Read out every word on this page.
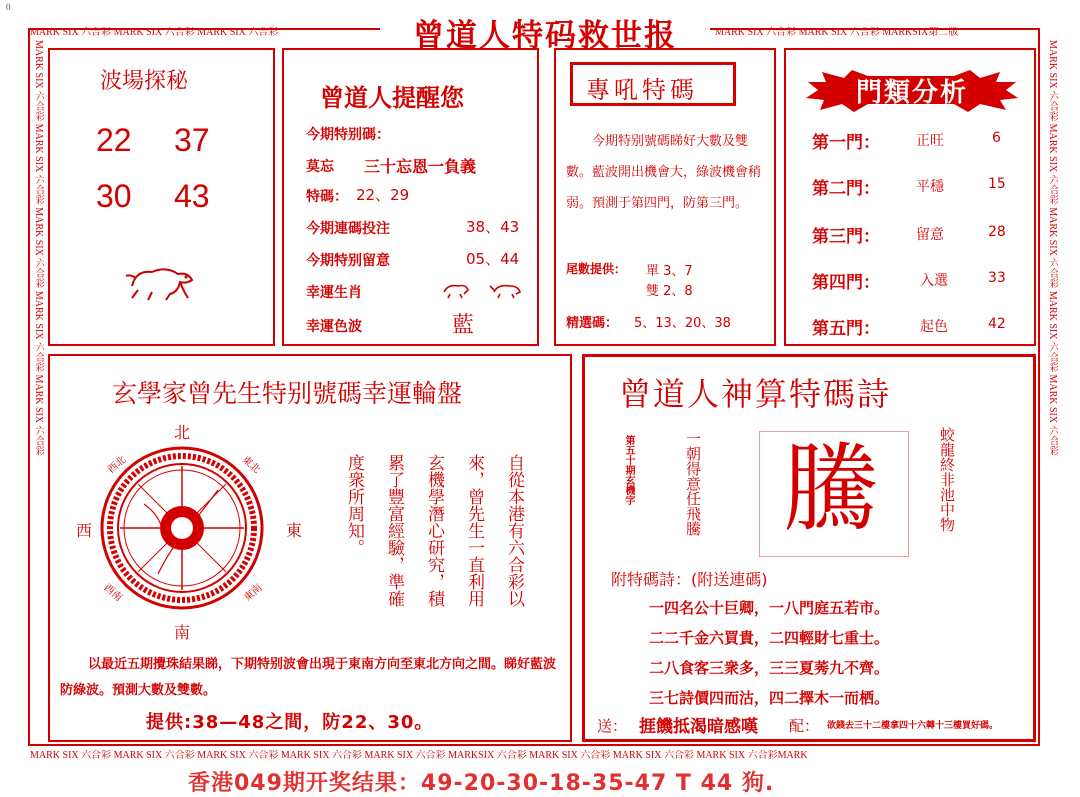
0
MARK SIX 六合彩 MARK SIX 六合彩 MARK SIX 六合彩	MARK SIX 六合彩 MARK SIX 六合彩 MARKSIX第二版
MARK SIX 六合彩 MARK SIX 六合彩 MARK SIX 六合彩 MARK SIX 六合彩 MARK SIX 六合彩	MARK SIX 六合彩 MARK SIX 六合彩 MARK SIX 六合彩 MARK SIX 六合彩 MARK SIX 六合彩
MARK SIX 六合彩 MARK SIX 六合彩 MARK SIX 六合彩 MARK SIX 六合彩 MARK SIX 六合彩 MARKSIX 六合彩 MARK SIX 六合彩 MARK SIX 六合彩 MARK SIX 六合彩MARK
曾道人特码救世报
波場探秘
22 37
30 43
曾道人提醒您
今期特别碼：
莫忘 三十忘恩一負義
特碼： 22、29
今期連碼投注	38、43
今期特别留意	05、44
幸運生肖
幸運色波	藍
專吼特碼
今期特别號碼睇好大數及雙數。藍波開出機會大，綠波機會稍弱。預測于第四門，防第三門。
尾數提供： 單 3、7
雙 2、8
精選碼： 5、13、20、38
門類分析
第一門：	正旺	6
第二門：	平穩	15
第三門：	留意	28
第四門：	入選	33
第五門：	起色	42
玄學家曾先生特别號碼幸運輪盤
北
南
西	東
西北	東北
西南	東南	自從本港有六合彩以
來，曾先生一直利用
玄機學潛心研究，積
累了豐富經驗，準確
度衆所周知。
以最近五期攪珠結果睇，下期特别波會出現于東南方向至東北方向之間。睇好藍波防綠波。預測大數及雙數。
提供:38—48之間，防22、30。
曾道人神算特碼詩
第五十期玄機字	一朝得意任飛騰 騰	蛟龍終非池中物
附特碼詩：(附送連碼)
一四名公十巨卿，一八門庭五若市。
二二千金六買貴，二四輕財七重士。
二八食客三衆多，三三夏莠九不齊。
三七詩價四而沽，四二擇木一而栖。
送： 捱饑抵渴暗感嘆 配： 欲錢去三十二樓拿四十六轉十三樓買好碼。
香港049期开奖结果：49-20-30-18-35-47 T 44 狗.
